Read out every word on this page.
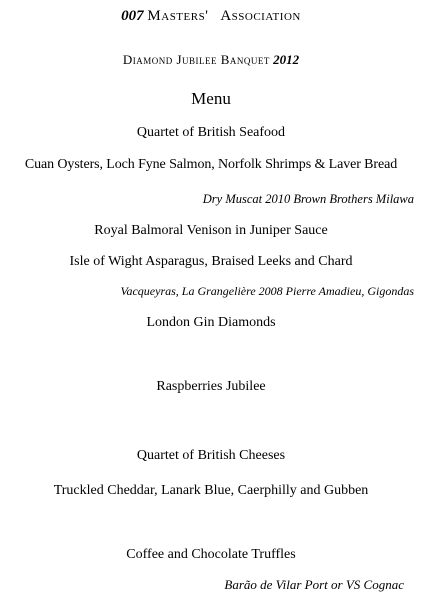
007 Masters'   Association
Diamond Jubilee Banquet 2012
Menu
Quartet of British Seafood
Cuan Oysters, Loch Fyne Salmon, Norfolk Shrimps & Laver Bread
Dry Muscat 2010 Brown Brothers Milawa
Royal Balmoral Venison in Juniper Sauce
Isle of Wight Asparagus, Braised Leeks and Chard
Vacqueyras, La Grangelière 2008 Pierre Amadieu, Gigondas
London Gin Diamonds
Raspberries Jubilee
Quartet of British Cheeses
Truckled Cheddar, Lanark Blue, Caerphilly and Gubben
Coffee and Chocolate Truffles
Barão de Vilar Port or VS Cognac
